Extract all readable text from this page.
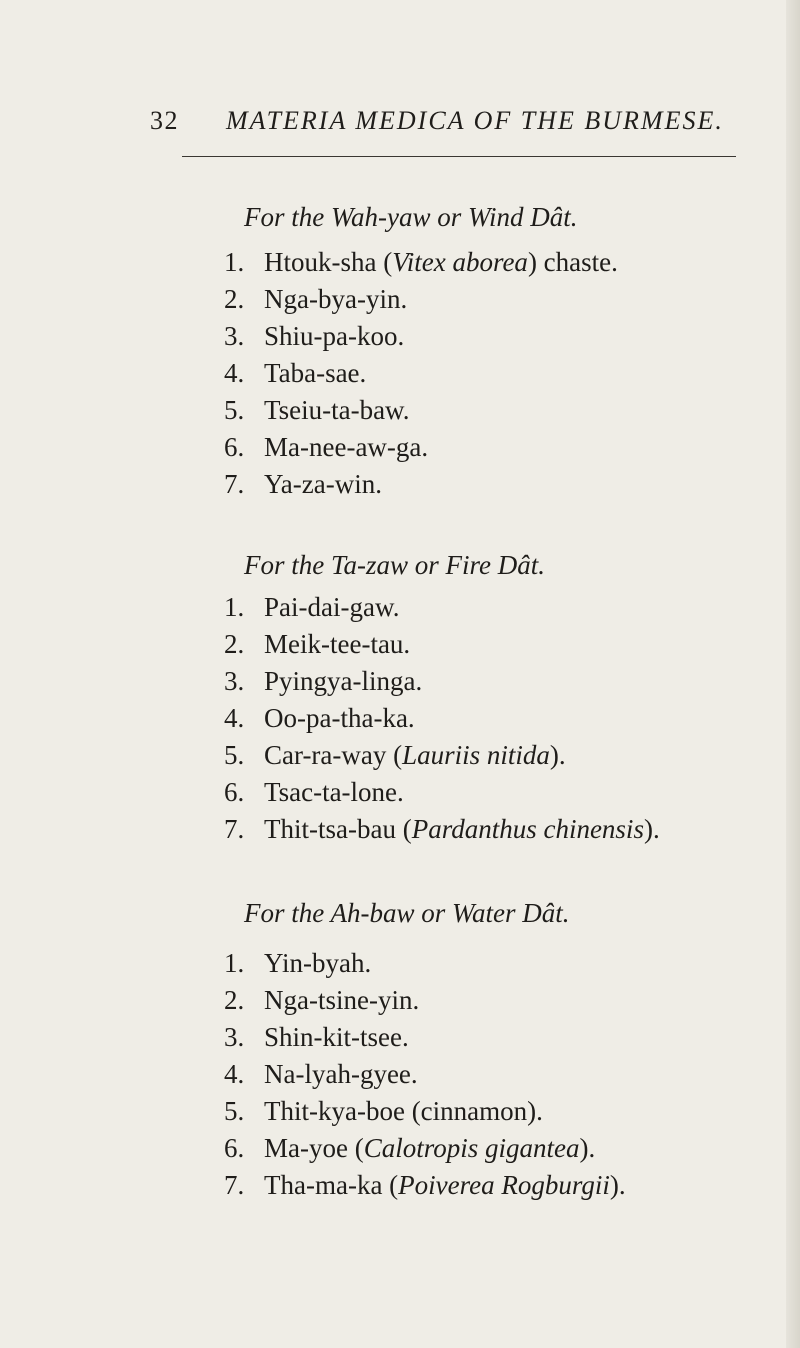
32 MATERIA MEDICA OF THE BURMESE.
For the Wah-yaw or Wind Dât.
1. Htouk-sha (Vitex aborea) chaste.
2. Nga-bya-yin.
3. Shiu-pa-koo.
4. Taba-sae.
5. Tseiu-ta-baw.
6. Ma-nee-aw-ga.
7. Ya-za-win.
For the Ta-zaw or Fire Dât.
1. Pai-dai-gaw.
2. Meik-tee-tau.
3. Pyingya-linga.
4. Oo-pa-tha-ka.
5. Car-ra-way (Lauriis nitida).
6. Tsac-ta-lone.
7. Thit-tsa-bau (Pardanthus chinensis).
For the Ah-baw or Water Dât.
1. Yin-byah.
2. Nga-tsine-yin.
3. Shin-kit-tsee.
4. Na-lyah-gyee.
5. Thit-kya-boe (cinnamon).
6. Ma-yoe (Calotropis gigantea).
7. Tha-ma-ka (Poiverea Rogburgii).
